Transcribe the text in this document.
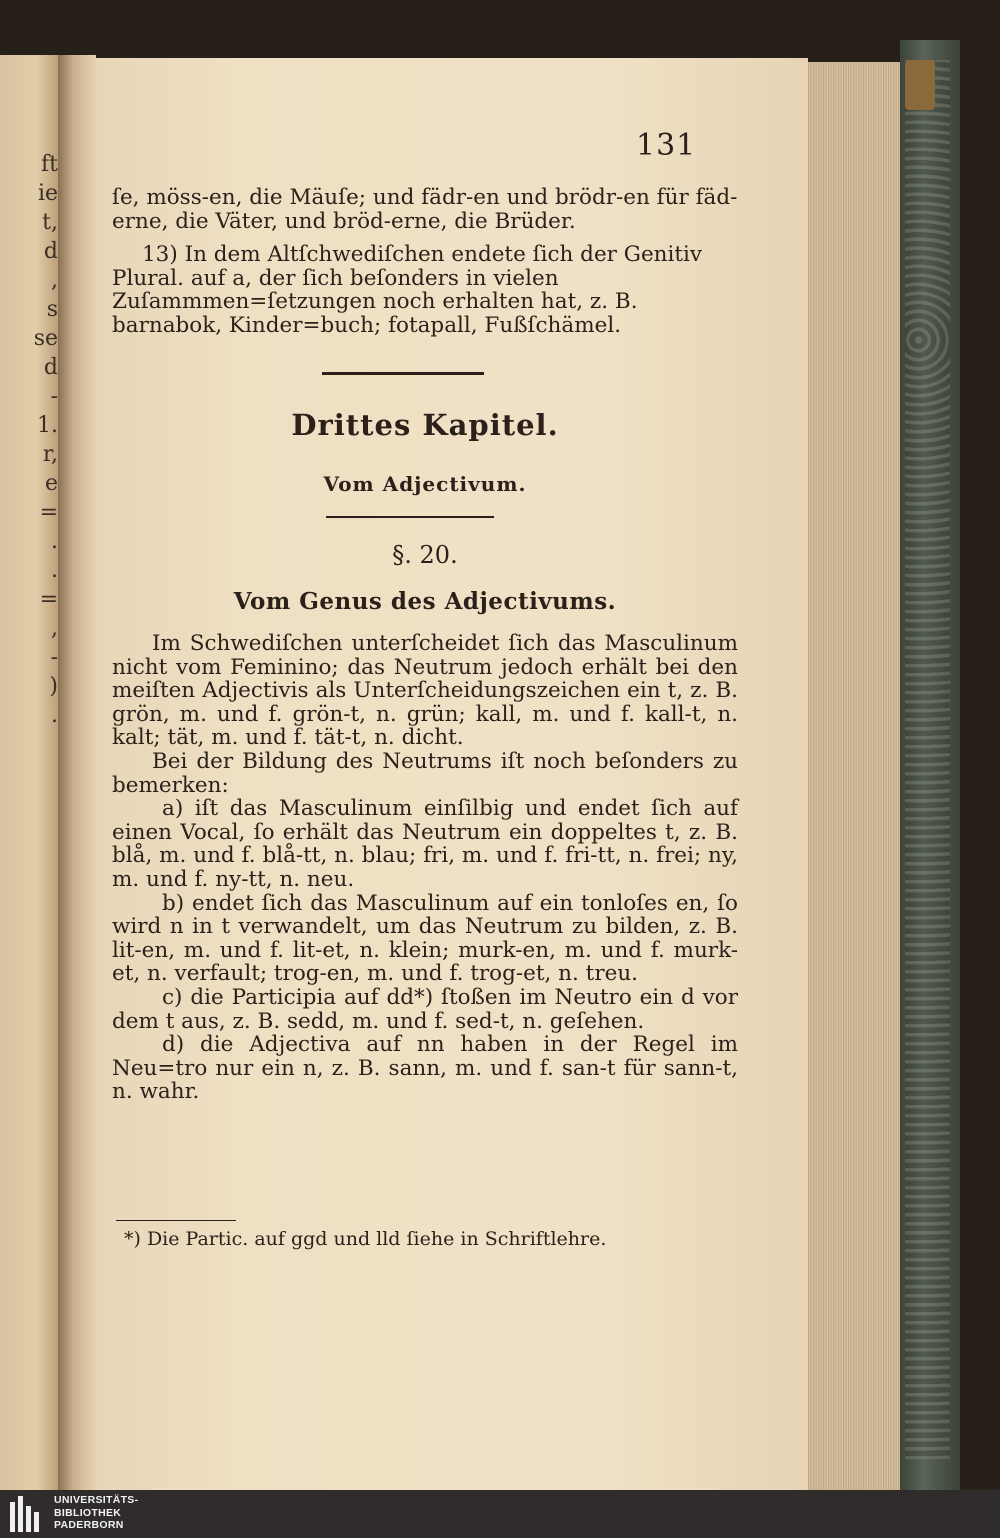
ft
ie
t,
d
,
s
se
d
-
1.
r,
e
=
.
.
=
,
-
)
.
131
ſe, möss-en, die Mäuſe; und fädr-en und brödr-en für fäd-erne, die Väter, und bröd-erne, die Brüder.
13) In dem Altſchwediſchen endete ſich der Genitiv Plural. auf a, der ſich beſonders in vielen Zuſammmen=ſetzungen noch erhalten hat, z. B. barnabok, Kinder=buch; fotapall, Fußſchämel.
Drittes Kapitel.
Vom Adjectivum.
§. 20.
Vom Genus des Adjectivums.

Im Schwediſchen unterſcheidet ſich das Masculinum nicht vom Feminino; das Neutrum jedoch erhält bei den meiſten Adjectivis als Unterſcheidungszeichen ein t, z. B. grön, m. und f. grön-t, n. grün; kall, m. und f. kall-t, n. kalt; tät, m. und f. tät-t, n. dicht.

Bei der Bildung des Neutrums iſt noch beſonders zu bemerken:

a) iſt das Masculinum einſilbig und endet ſich auf einen Vocal, ſo erhält das Neutrum ein doppeltes t, z. B. blå, m. und f. blå-tt, n. blau; fri, m. und f. fri-tt, n. frei; ny, m. und f. ny-tt, n. neu.

b) endet ſich das Masculinum auf ein tonloſes en, ſo wird n in t verwandelt, um das Neutrum zu bilden, z. B. lit-en, m. und f. lit-et, n. klein; murk-en, m. und f. murk-et, n. verfault; trog-en, m. und f. trog-et, n. treu.

c) die Participia auf dd*) ſtoßen im Neutro ein d vor dem t aus, z. B. sedd, m. und f. sed-t, n. geſehen.

d) die Adjectiva auf nn haben in der Regel im Neu=tro nur ein n, z. B. sann, m. und f. san-t für sann-t, n. wahr.

*) Die Partic. auf ggd und lld ſiehe in Schriftlehre.
UNIVERSITÄTS-
BIBLIOTHEK
PADERBORN
